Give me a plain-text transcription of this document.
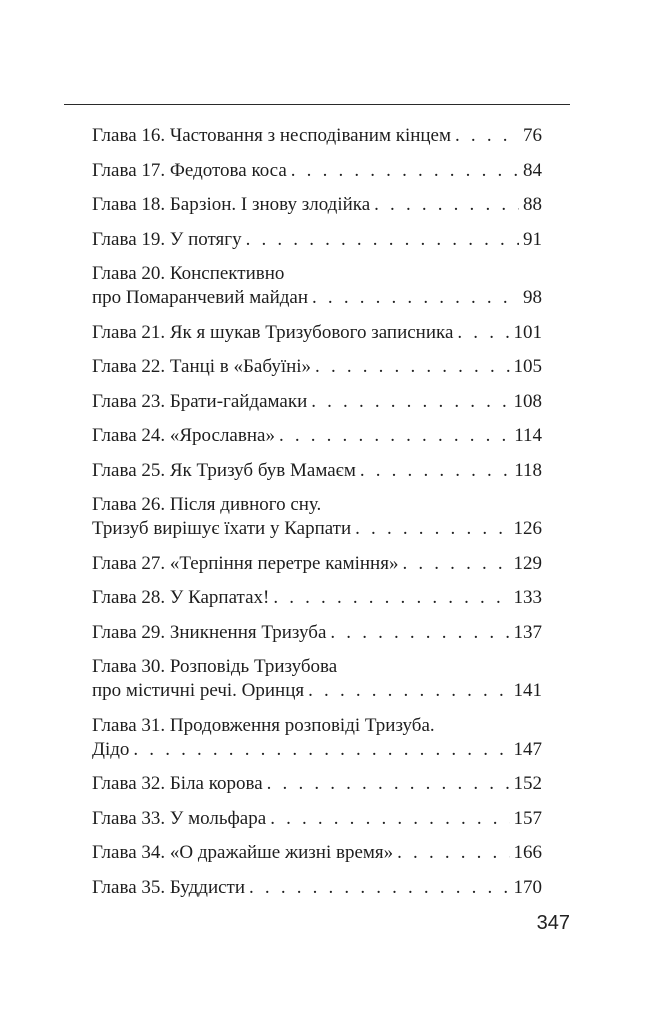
Глава 16. Частовання з несподіваним кінцем . . .	76
Глава 17. Федотова коса . . .	84
Глава 18. Барзіон. І знову злодійка . . .	88
Глава 19. У потягу . . .	91
Глава 20. Конспективно
про Помаранчевий майдан . . .	98
Глава 21. Як я шукав Тризубового записника . . .	101
Глава 22. Танці в «Бабуїні» . . .	105
Глава 23. Брати-гайдамаки . . .	108
Глава 24. «Ярославна» . . .	114
Глава 25. Як Тризуб був Мамаєм . . .	118
Глава 26. Після дивного сну.
Тризуб вирішує їхати у Карпати . . .	126
Глава 27. «Терпіння перетре каміння» . . .	129
Глава 28. У Карпатах! . . .	133
Глава 29. Зникнення Тризуба . . .	137
Глава 30. Розповідь Тризубова
про містичні речі. Оринця . . .	141
Глава 31. Продовження розповіді Тризуба.
Дідо . . .	147
Глава 32. Біла корова . . .	152
Глава 33. У мольфара . . .	157
Глава 34. «О дражайше жизні время» . . .	166
Глава 35. Буддисти . . .	170
347
